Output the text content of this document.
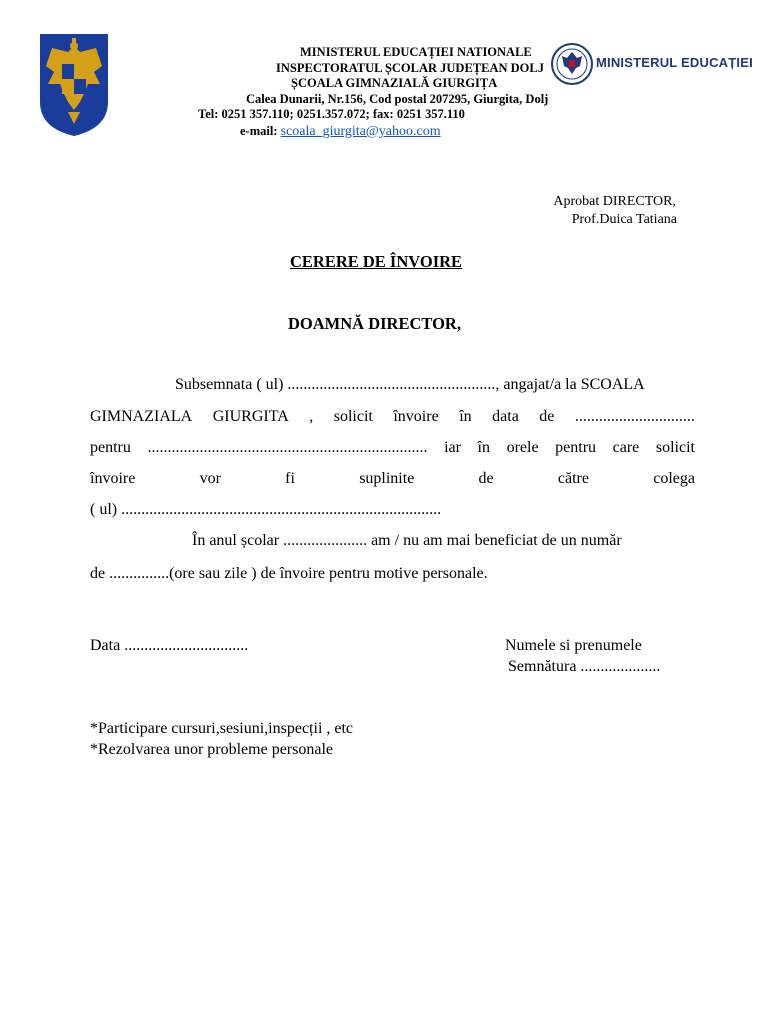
MINISTERUL EDUCAȚIEI NATIONALE
INSPECTORATUL ȘCOLAR JUDEȚEAN DOLJ
ȘCOALA GIMNAZIALĂ GIURGIȚA
Calea Dunarii, Nr.156, Cod postal 207295, Giurgita, Dolj
Tel: 0251 357.110; 0251.357.072; fax: 0251 357.110
e-mail: scoala_giurgita@yahoo.com
MINISTERUL EDUCAȚIEI
Aprobat DIRECTOR,
Prof.Duica Tatiana
CERERE DE ÎNVOIRE
DOAMNĂ DIRECTOR,
Subsemnata ( ul) ...................................................., angajat/a la SCOALA
GIMNAZIALA GIURGITA , solicit învoire în data de ..............................
pentru ...................................................................... iar în orele pentru care solicit
învoire	vor	fi	suplinite	de	către	colega
( ul) ................................................................................
În anul școlar ..................... am / nu am mai beneficiat de un număr
de ...............(ore sau zile ) de învoire pentru motive personale.
Data ...............................	Numele si prenumele
Semnătura ....................
*Participare cursuri,sesiuni,inspecții , etc
*Rezolvarea unor probleme personale
